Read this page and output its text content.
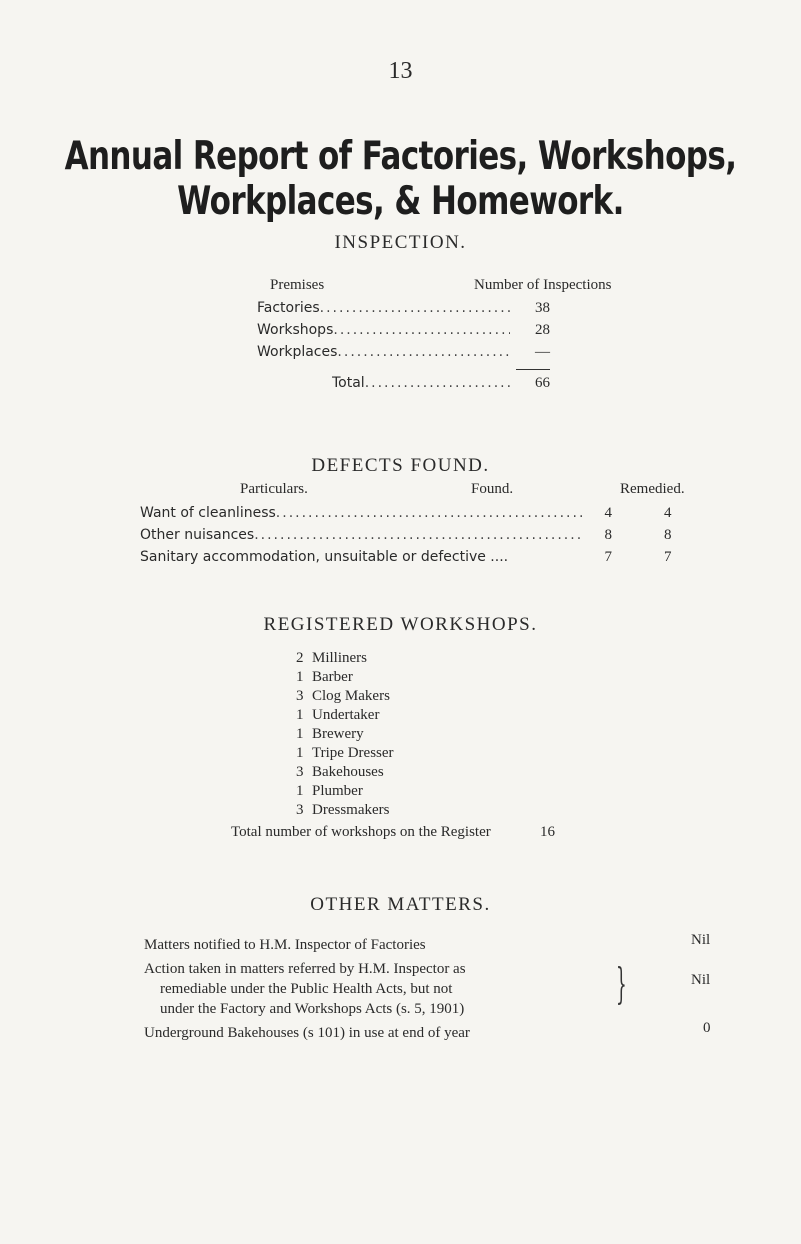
13
Annual Report of Factories, Workshops, Workplaces, & Homework.
INSPECTION.
Premises	Number of Inspections
Factories .....	38
Workshops .....	28
Workplaces .....	—
Total .....	66
DEFECTS FOUND.
Particulars.	Found.	Remedied.
Want of cleanliness .....	4	4
Other nuisances .....	8	8
Sanitary accommodation, unsuitable or defective ....	7	7
REGISTERED WORKSHOPS.
2 Milliners
1 Barber
3 Clog Makers
1 Undertaker
1 Brewery
1 Tripe Dresser
3 Bakehouses
1 Plumber
3 Dressmakers
Total number of workshops on the Register	16
OTHER MATTERS.
Matters notified to H.M. Inspector of Factories	Nil
Action taken in matters referred by H.M. Inspector as
remediable under the Public Health Acts, but not
under the Factory and Workshops Acts (s. 5, 1901)
}	Nil
Underground Bakehouses (s 101) in use at end of year	0
